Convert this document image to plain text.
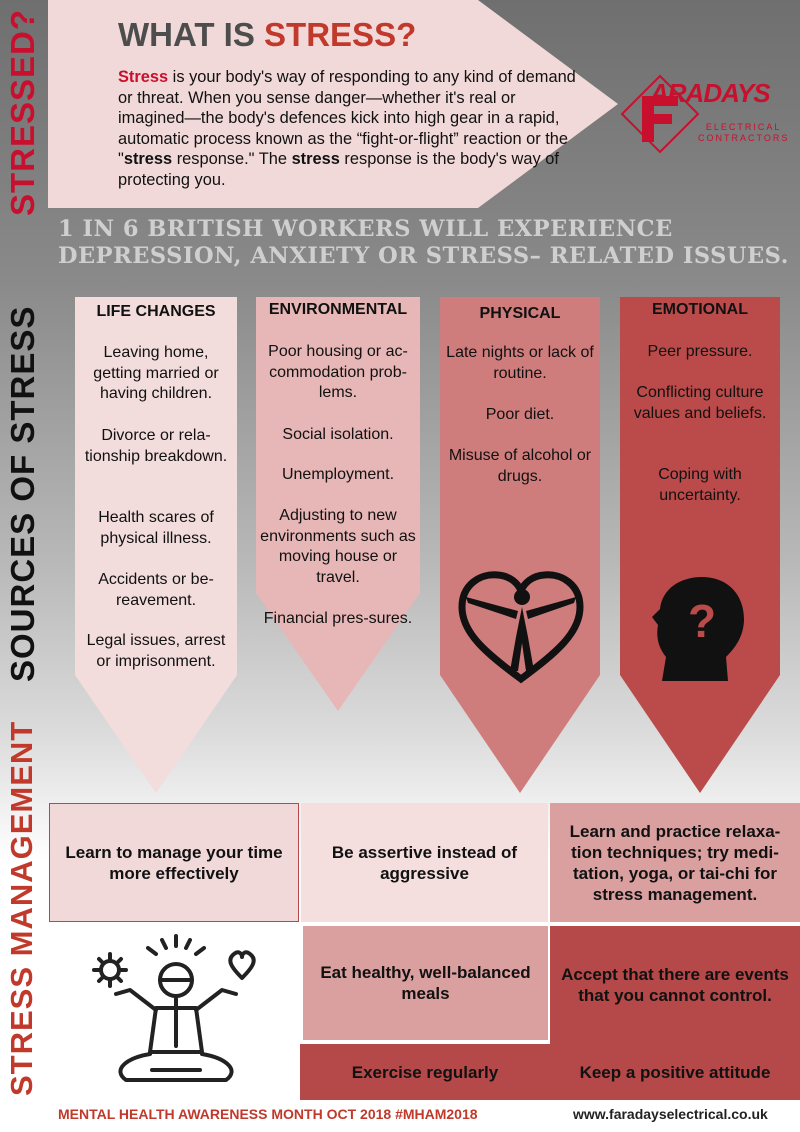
STRESSED?
SOURCES OF STRESS
STRESS MANAGEMENT
WHAT IS STRESS?
Stress is your body's way of responding to any kind of demand or threat. When you sense danger—whether it's real or imagined—the body's defences kick into high gear in a rapid, automatic process known as the “fight-or-flight” reaction or the "stress response." The stress response is the body's way of protecting you.
ARADAYS
ELECTRICAL
CONTRACTORS
1 IN 6 BRITISH WORKERS WILL EXPERIENCE
DEPRESSION, ANXIETY OR STRESS– RELATED ISSUES.
LIFE CHANGES
Leaving home, getting married or having children.
Divorce or rela-tionship breakdown.
Health scares of physical illness.
Accidents or be-reavement.
Legal issues, arrest or imprisonment.
ENVIRONMENTAL
Poor housing or ac-commodation prob-lems.
Social isolation.
Unemployment.
Adjusting to new environments such as moving house or travel.
Financial pres-sures.
PHYSICAL
Late nights or lack of routine.
Poor diet.
Misuse of alcohol or drugs.
EMOTIONAL
Peer pressure.
Conflicting culture values and beliefs.
Coping with uncertainty.
?
Learn to manage your time more effectively
Be assertive instead of aggressive
Learn and practice relaxa-tion techniques; try medi-tation, yoga, or tai-chi for stress management.
Eat healthy, well-balanced meals
Accept that there are events that you cannot control.
Exercise regularly	Keep a positive attitude
MENTAL HEALTH AWARENESS MONTH OCT 2018 #MHAM2018	www.faradayselectrical.co.uk
